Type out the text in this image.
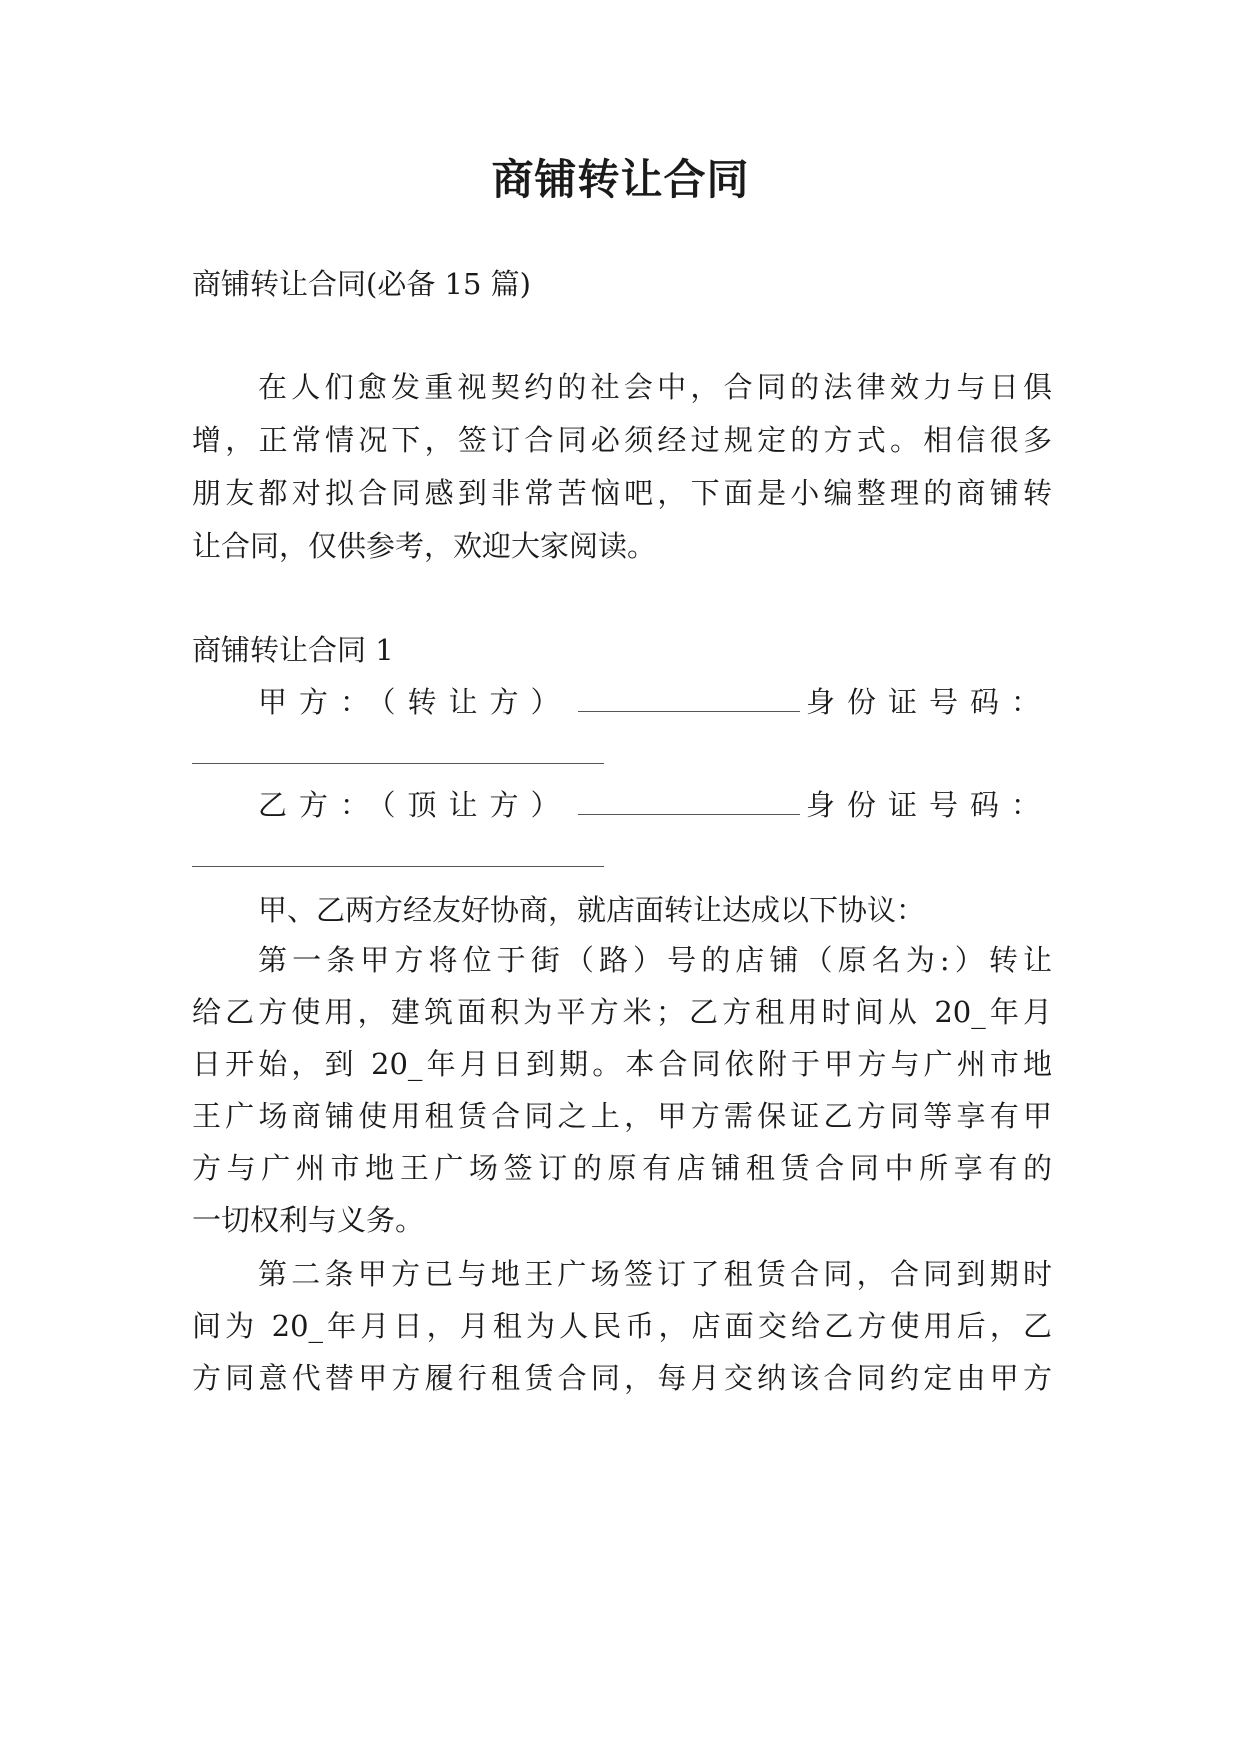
商铺转让合同
商铺转让合同(必备 15 篇)
在人们愈发重视契约的社会中，合同的法律效力与日俱
增，正常情况下，签订合同必须经过规定的方式。相信很多
朋友都对拟合同感到非常苦恼吧，下面是小编整理的商铺转
让合同，仅供参考，欢迎大家阅读。
商铺转让合同 1
甲方：（转让方）	身份证号码：
乙方：（顶让方）	身份证号码：
甲、乙两方经友好协商，就店面转让达成以下协议：
第一条甲方将位于街（路）号的店铺（原名为:）转让
给乙方使用，建筑面积为平方米；乙方租用时间从 20_年月
日开始，到 20_年月日到期。本合同依附于甲方与广州市地
王广场商铺使用租赁合同之上，甲方需保证乙方同等享有甲
方与广州市地王广场签订的原有店铺租赁合同中所享有的
一切权利与义务。
第二条甲方已与地王广场签订了租赁合同，合同到期时
间为 20_年月日，月租为人民币，店面交给乙方使用后，乙
方同意代替甲方履行租赁合同，每月交纳该合同约定由甲方
